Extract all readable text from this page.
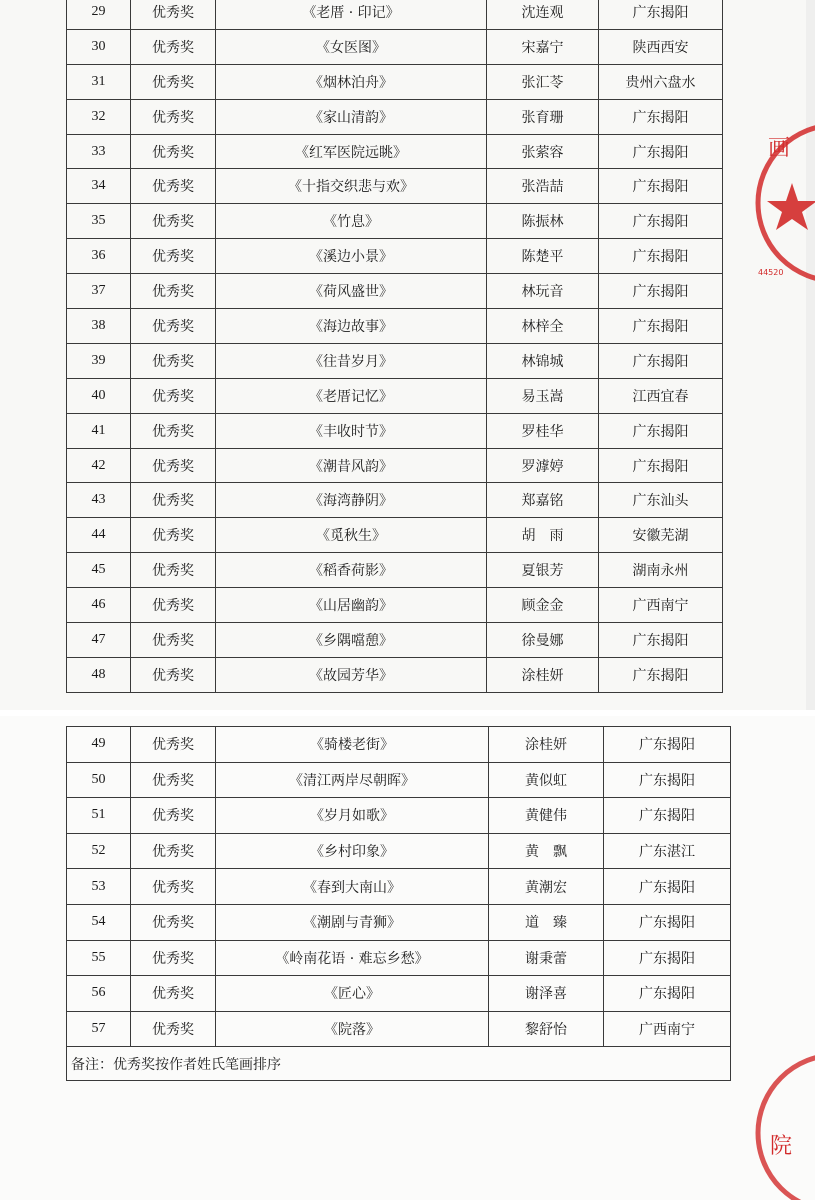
29	优秀奖	《老厝 · 印记》	沈连观	广东揭阳
30	优秀奖	《女医图》	宋嘉宁	陕西西安
31	优秀奖	《烟林泊舟》	张汇苓	贵州六盘水
32	优秀奖	《家山清韵》	张育珊	广东揭阳
33	优秀奖	《红军医院远眺》	张萦容	广东揭阳
34	优秀奖	《十指交织悲与欢》	张浩喆	广东揭阳
35	优秀奖	《竹息》	陈振林	广东揭阳
36	优秀奖	《溪边小景》	陈楚平	广东揭阳
37	优秀奖	《荷风盛世》	林玩音	广东揭阳
38	优秀奖	《海边故事》	林梓全	广东揭阳
39	优秀奖	《往昔岁月》	林锦城	广东揭阳
40	优秀奖	《老厝记忆》	易玉嵩	江西宜春
41	优秀奖	《丰收时节》	罗桂华	广东揭阳
42	优秀奖	《潮昔风韵》	罗滹婷	广东揭阳
43	优秀奖	《海湾静阴》	郑嘉铭	广东汕头
44	优秀奖	《觅秋生》	胡　雨	安徽芜湖
45	优秀奖	《稻香荷影》	夏银芳	湖南永州
46	优秀奖	《山居幽韵》	顾金金	广西南宁
47	优秀奖	《乡隅噹憩》	徐曼娜	广东揭阳
48	优秀奖	《故园芳华》	涂桂妍	广东揭阳
49	优秀奖	《骑楼老街》	涂桂妍	广东揭阳
50	优秀奖	《清江两岸尽朝晖》	黄似虹	广东揭阳
51	优秀奖	《岁月如歌》	黄健伟	广东揭阳
52	优秀奖	《乡村印象》	黄　飘	广东湛江
53	优秀奖	《春到大南山》	黄潮宏	广东揭阳
54	优秀奖	《潮剧与青狮》	道　臻	广东揭阳
55	优秀奖	《岭南花语 · 难忘乡愁》	谢秉蕾	广东揭阳
56	优秀奖	《匠心》	谢泽喜	广东揭阳
57	优秀奖	《院落》	黎舒怡	广西南宁
备注：优秀奖按作者姓氏笔画排序				
画
44520
院
